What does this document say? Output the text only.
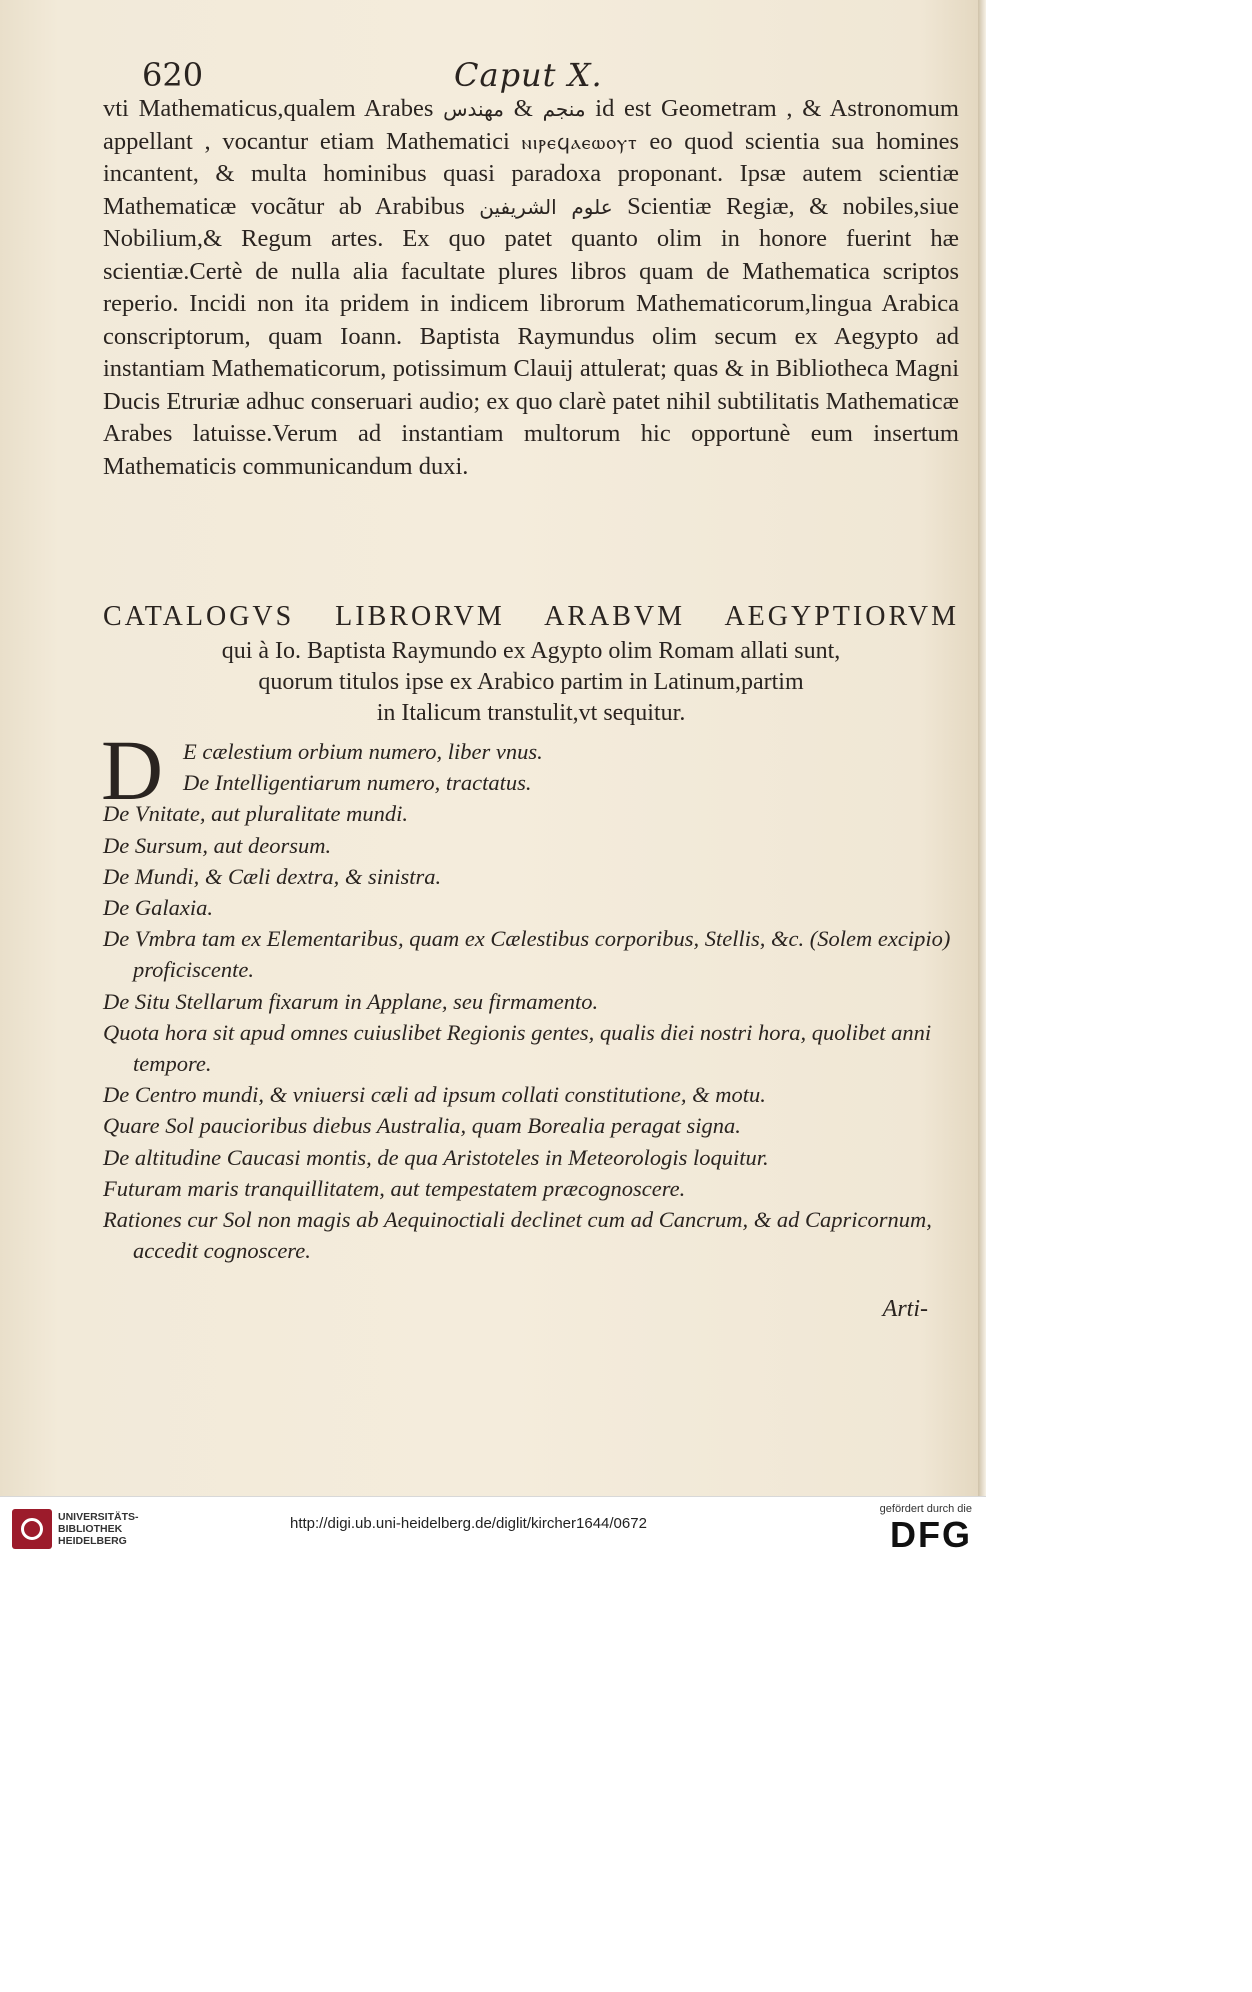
620	Caput X.

vti Mathematicus,qualem Arabes مهندس & منجم id est Geometram , & Astronomum appellant , vocantur etiam Mathematici ⲛⲓⲣⲉϥⲁⲉⲱⲟⲩⲧ eo quod scientia sua homines incantent, & multa hominibus quasi paradoxa proponant. Ipsæ autem scientiæ Mathematicæ vocãtur ab Arabibus علوم الشريفين Scientiæ Regiæ, & nobiles,siue Nobilium,& Regum artes. Ex quo patet quanto olim in honore fuerint hæ scientiæ.Certè de nulla alia facultate plures libros quam de Mathematica scriptos reperio. Incidi non ita pridem in indicem librorum Mathematicorum,lingua Arabica conscriptorum, quam Ioann. Baptista Raymundus olim secum ex Aegypto ad instantiam Mathematicorum, potissimum Clauij attulerat; quas & in Bibliotheca Magni Ducis Etruriæ adhuc conseruari audio; ex quo clarè patet nihil subtilitatis Mathematicæ Arabes latuisse.Verum ad instantiam multorum hic opportunè eum insertum Mathematicis communicandum duxi.

CATALOGVS LIBRORVM ARABVM AEGYPTIORVM

qui à Io. Baptista Raymundo ex Agypto olim Romam allati sunt,

quorum titulos ipse ex Arabico partim in Latinum,partim

in Italicum transtulit,vt sequitur.

D E cælestium orbium numero, liber vnus.

De Intelligentiarum numero, tractatus.

De Vnitate, aut pluralitate mundi.

De Sursum, aut deorsum.

De Mundi, & Cæli dextra, & sinistra.

De Galaxia.

De Vmbra tam ex Elementaribus, quam ex Cælestibus corporibus, Stellis, &c. (Solem excipio) proficiscente.

De Situ Stellarum fixarum in Applane, seu firmamento.

Quota hora sit apud omnes cuiuslibet Regionis gentes, qualis diei nostri hora, quolibet anni tempore.

De Centro mundi, & vniuersi cæli ad ipsum collati constitutione, & motu.

Quare Sol paucioribus diebus Australia, quam Borealia peragat signa.

De altitudine Caucasi montis, de qua Aristoteles in Meteorologis loquitur.

Futuram maris tranquillitatem, aut tempestatem præcognoscere.

Rationes cur Sol non magis ab Aequinoctiali declinet cum ad Cancrum, & ad Capricornum, accedit cognoscere.

Arti-
UNIVERSITÄTS-
BIBLIOTHEK
HEIDELBERG
http://digi.ub.uni-heidelberg.de/diglit/kircher1644/0672
gefördert durch die
DFG
